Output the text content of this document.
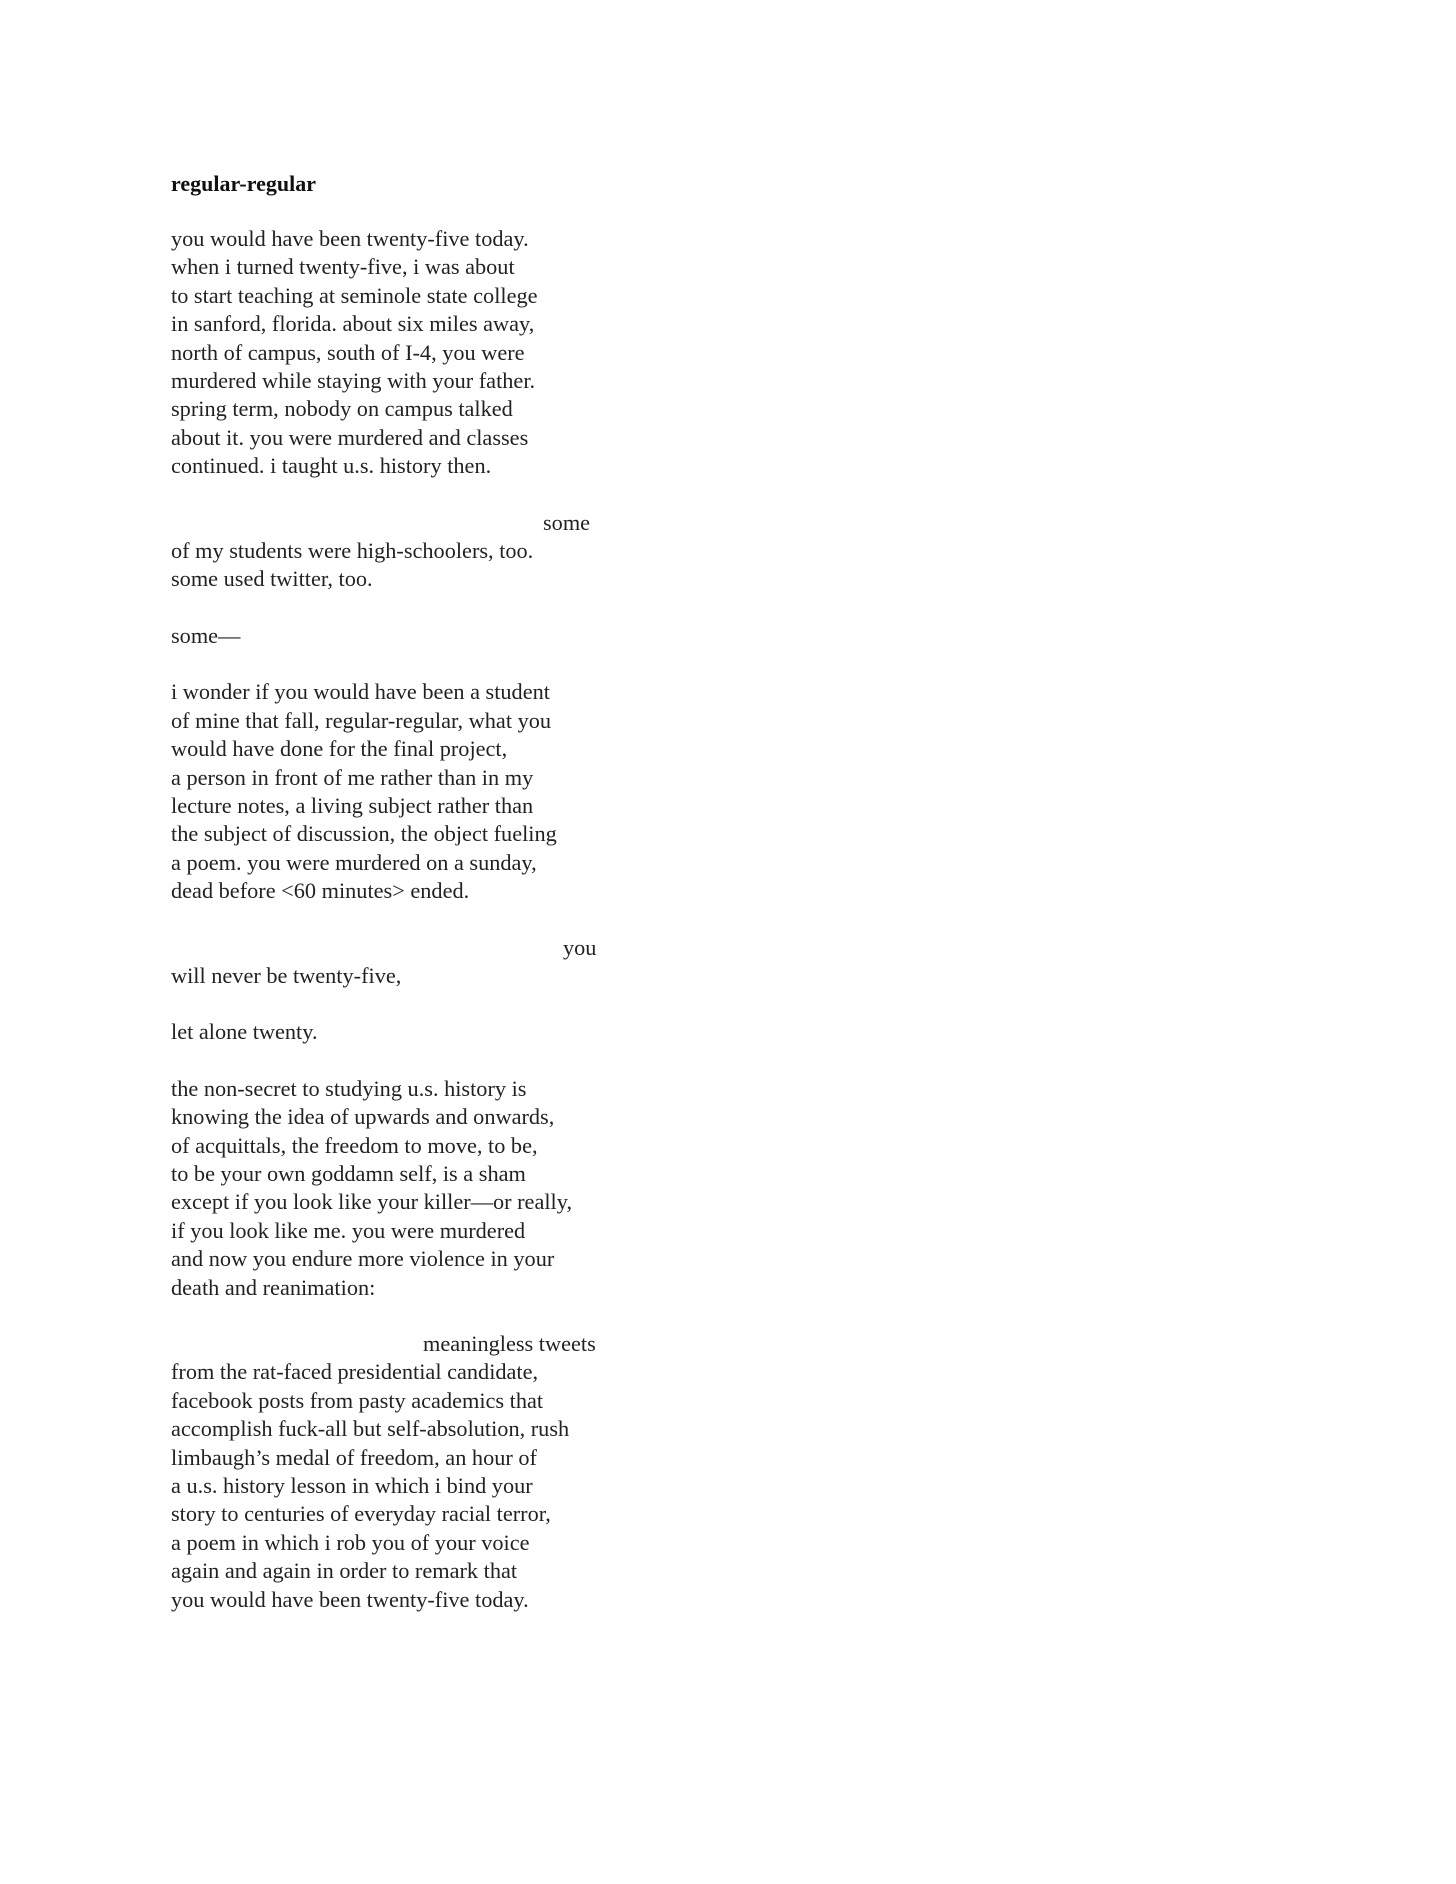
regular-regular
you would have been twenty-five today.
when i turned twenty-five, i was about
to start teaching at seminole state college
in sanford, florida. about six miles away,
north of campus, south of I-4, you were
murdered while staying with your father.
spring term, nobody on campus talked
about it. you were murdered and classes
continued. i taught u.s. history then.
some
of my students were high-schoolers, too.
some used twitter, too.
some—
i wonder if you would have been a student
of mine that fall, regular-regular, what you
would have done for the final project,
a person in front of me rather than in my
lecture notes, a living subject rather than
the subject of discussion, the object fueling
a poem. you were murdered on a sunday,
dead before <60 minutes> ended.
you
will never be twenty-five,
let alone twenty.
the non-secret to studying u.s. history is
knowing the idea of upwards and onwards,
of acquittals, the freedom to move, to be,
to be your own goddamn self, is a sham
except if you look like your killer—or really,
if you look like me. you were murdered
and now you endure more violence in your
death and reanimation:
meaningless tweets
from the rat-faced presidential candidate,
facebook posts from pasty academics that
accomplish fuck-all but self-absolution, rush
limbaugh’s medal of freedom, an hour of
a u.s. history lesson in which i bind your
story to centuries of everyday racial terror,
a poem in which i rob you of your voice
again and again in order to remark that
you would have been twenty-five today.
